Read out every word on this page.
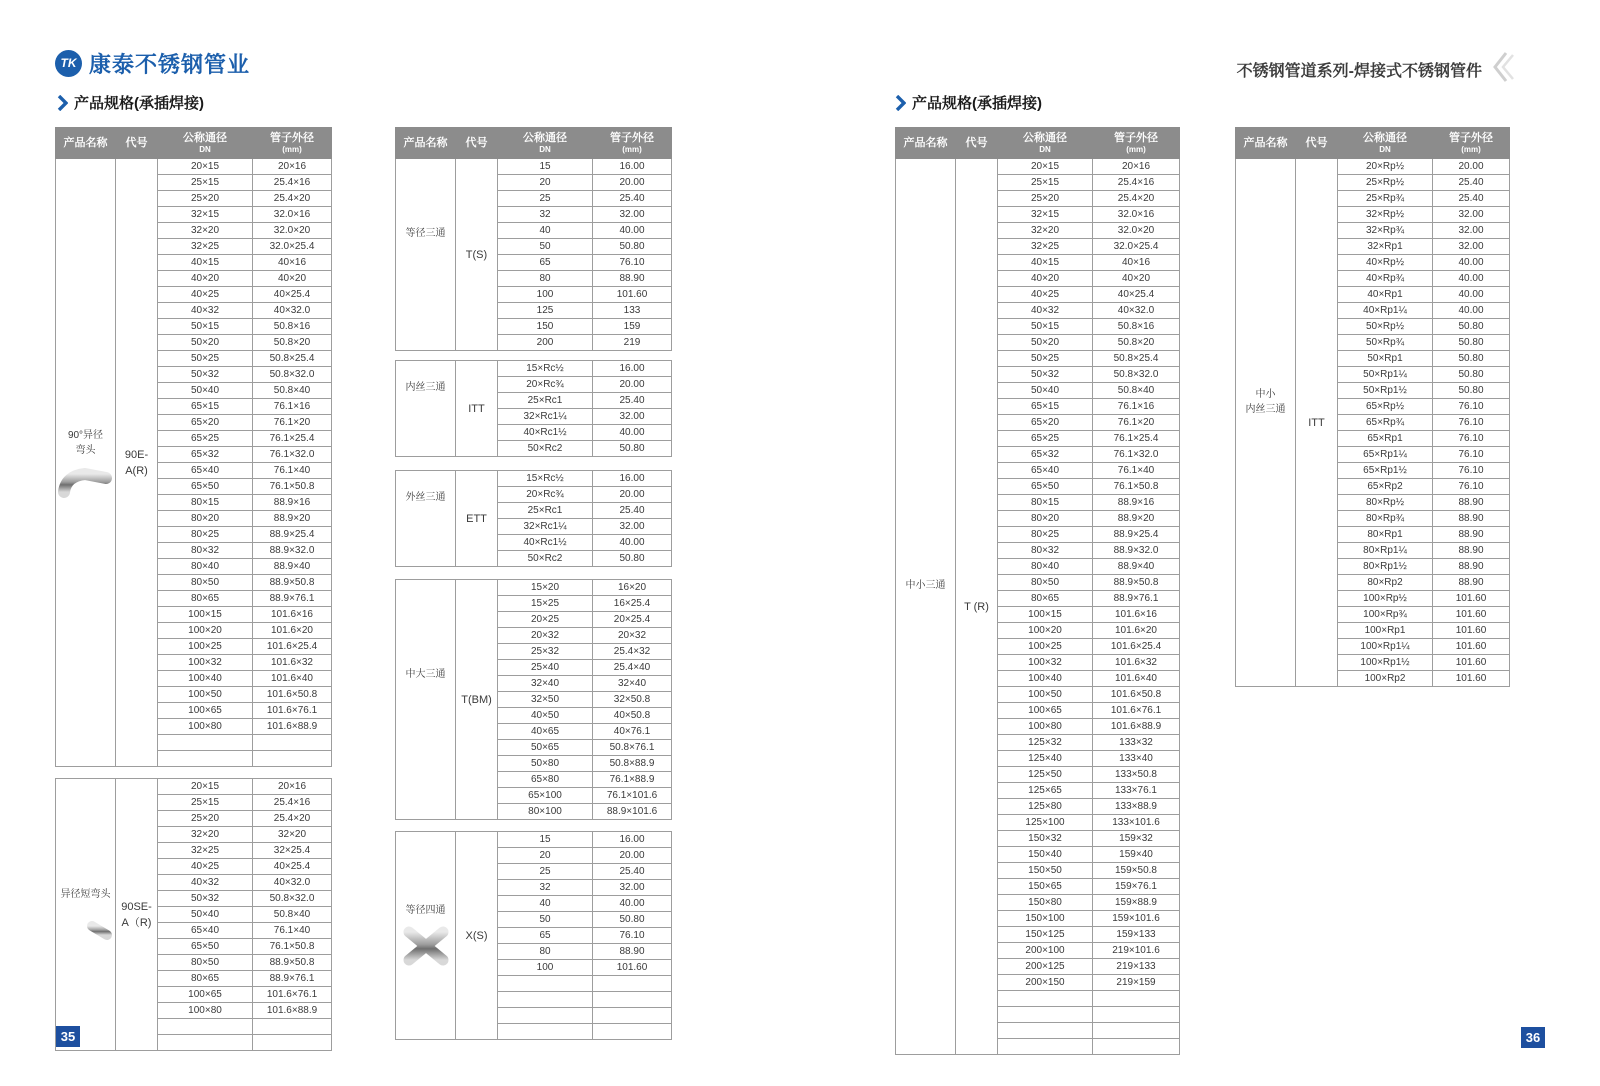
TK 康泰不锈钢管业	不锈钢管道系列-焊接式不锈钢管件
产品规格(承插焊接)	产品规格(承插焊接)
产品名称	代号	公称通径
DN	管子外径
(mm)

90°异径
弯头	90E-
A(R)	20×15	20×16
		25×15	25.4×16
		25×20	25.4×20
		32×15	32.0×16
		32×20	32.0×20
		32×25	32.0×25.4
		40×15	40×16
		40×20	40×20
		40×25	40×25.4
		40×32	40×32.0
		50×15	50.8×16
		50×20	50.8×20
		50×25	50.8×25.4
		50×32	50.8×32.0
		50×40	50.8×40
		65×15	76.1×16
		65×20	76.1×20
		65×25	76.1×25.4
		65×32	76.1×32.0
		65×40	76.1×40
		65×50	76.1×50.8
		80×15	88.9×16
		80×20	88.9×20
		80×25	88.9×25.4
		80×32	88.9×32.0
		80×40	88.9×40
		80×50	88.9×50.8
		80×65	88.9×76.1
		100×15	101.6×16
		100×20	101.6×20
		100×25	101.6×25.4
		100×32	101.6×32
		100×40	101.6×40
		100×50	101.6×50.8
		100×65	101.6×76.1
		100×80	101.6×88.9

异径短弯头	90SE-
A（R)	20×15	20×16
		25×15	25.4×16
		25×20	25.4×20
		32×20	32×20
		32×25	32×25.4
		40×25	40×25.4
		40×32	40×32.0
		50×32	50.8×32.0
		50×40	50.8×40
		65×40	76.1×40
		65×50	76.1×50.8
		80×50	88.9×50.8
		80×65	88.9×76.1
		100×65	101.6×76.1
		100×80	101.6×88.9

产品名称	代号	公称通径
DN	管子外径
(mm)

等径三通	T(S)	15	16.00
		20	20.00
		25	25.40
		32	32.00
		40	40.00
		50	50.80
		65	76.10
		80	88.90
		100	101.60
		125	133
		150	159
		200	219
内丝三通	ITT	15×Rc½	16.00
		20×Rc¾	20.00
		25×Rc1	25.40
		32×Rc1¼	32.00
		40×Rc1½	40.00
		50×Rc2	50.80
外丝三通	ETT	15×Rc½	16.00
		20×Rc¾	20.00
		25×Rc1	25.40
		32×Rc1¼	32.00
		40×Rc1½	40.00
		50×Rc2	50.80
中大三通	T(BM)	15×20	16×20
		15×25	16×25.4
		20×25	20×25.4
		20×32	20×32
		25×32	25.4×32
		25×40	25.4×40
		32×40	32×40
		32×50	32×50.8
		40×50	40×50.8
		40×65	40×76.1
		50×65	50.8×76.1
		50×80	50.8×88.9
		65×80	76.1×88.9
		65×100	76.1×101.6
		80×100	88.9×101.6
等径四通	X(S)	15	16.00
		20	20.00
		25	25.40
		32	32.00
		40	40.00
		50	50.80
		65	76.10
		80	88.90
		100	101.60

产品名称	代号	公称通径
DN	管子外径
(mm)

中小三通	T (R)	20×15	20×16
		25×15	25.4×16
		25×20	25.4×20
		32×15	32.0×16
		32×20	32.0×20
		32×25	32.0×25.4
		40×15	40×16
		40×20	40×20
		40×25	40×25.4
		40×32	40×32.0
		50×15	50.8×16
		50×20	50.8×20
		50×25	50.8×25.4
		50×32	50.8×32.0
		50×40	50.8×40
		65×15	76.1×16
		65×20	76.1×20
		65×25	76.1×25.4
		65×32	76.1×32.0
		65×40	76.1×40
		65×50	76.1×50.8
		80×15	88.9×16
		80×20	88.9×20
		80×25	88.9×25.4
		80×32	88.9×32.0
		80×40	88.9×40
		80×50	88.9×50.8
		80×65	88.9×76.1
		100×15	101.6×16
		100×20	101.6×20
		100×25	101.6×25.4
		100×32	101.6×32
		100×40	101.6×40
		100×50	101.6×50.8
		100×65	101.6×76.1
		100×80	101.6×88.9
		125×32	133×32
		125×40	133×40
		125×50	133×50.8
		125×65	133×76.1
		125×80	133×88.9
		125×100	133×101.6
		150×32	159×32
		150×40	159×40
		150×50	159×50.8
		150×65	159×76.1
		150×80	159×88.9
		150×100	159×101.6
		150×125	159×133
		200×100	219×101.6
		200×125	219×133
		200×150	219×159

产品名称	代号	公称通径
DN	管子外径
(mm)

中小
内丝三通	ITT	20×Rp½	20.00
		25×Rp½	25.40
		25×Rp¾	25.40
		32×Rp½	32.00
		32×Rp¾	32.00
		32×Rp1	32.00
		40×Rp½	40.00
		40×Rp¾	40.00
		40×Rp1	40.00
		40×Rp1¼	40.00
		50×Rp½	50.80
		50×Rp¾	50.80
		50×Rp1	50.80
		50×Rp1¼	50.80
		50×Rp1½	50.80
		65×Rp½	76.10
		65×Rp¾	76.10
		65×Rp1	76.10
		65×Rp1¼	76.10
		65×Rp1½	76.10
		65×Rp2	76.10
		80×Rp½	88.90
		80×Rp¾	88.90
		80×Rp1	88.90
		80×Rp1¼	88.90
		80×Rp1½	88.90
		80×Rp2	88.90
		100×Rp½	101.60
		100×Rp¾	101.60
		100×Rp1	101.60
		100×Rp1¼	101.60
		100×Rp1½	101.60
		100×Rp2	101.60
35	36
